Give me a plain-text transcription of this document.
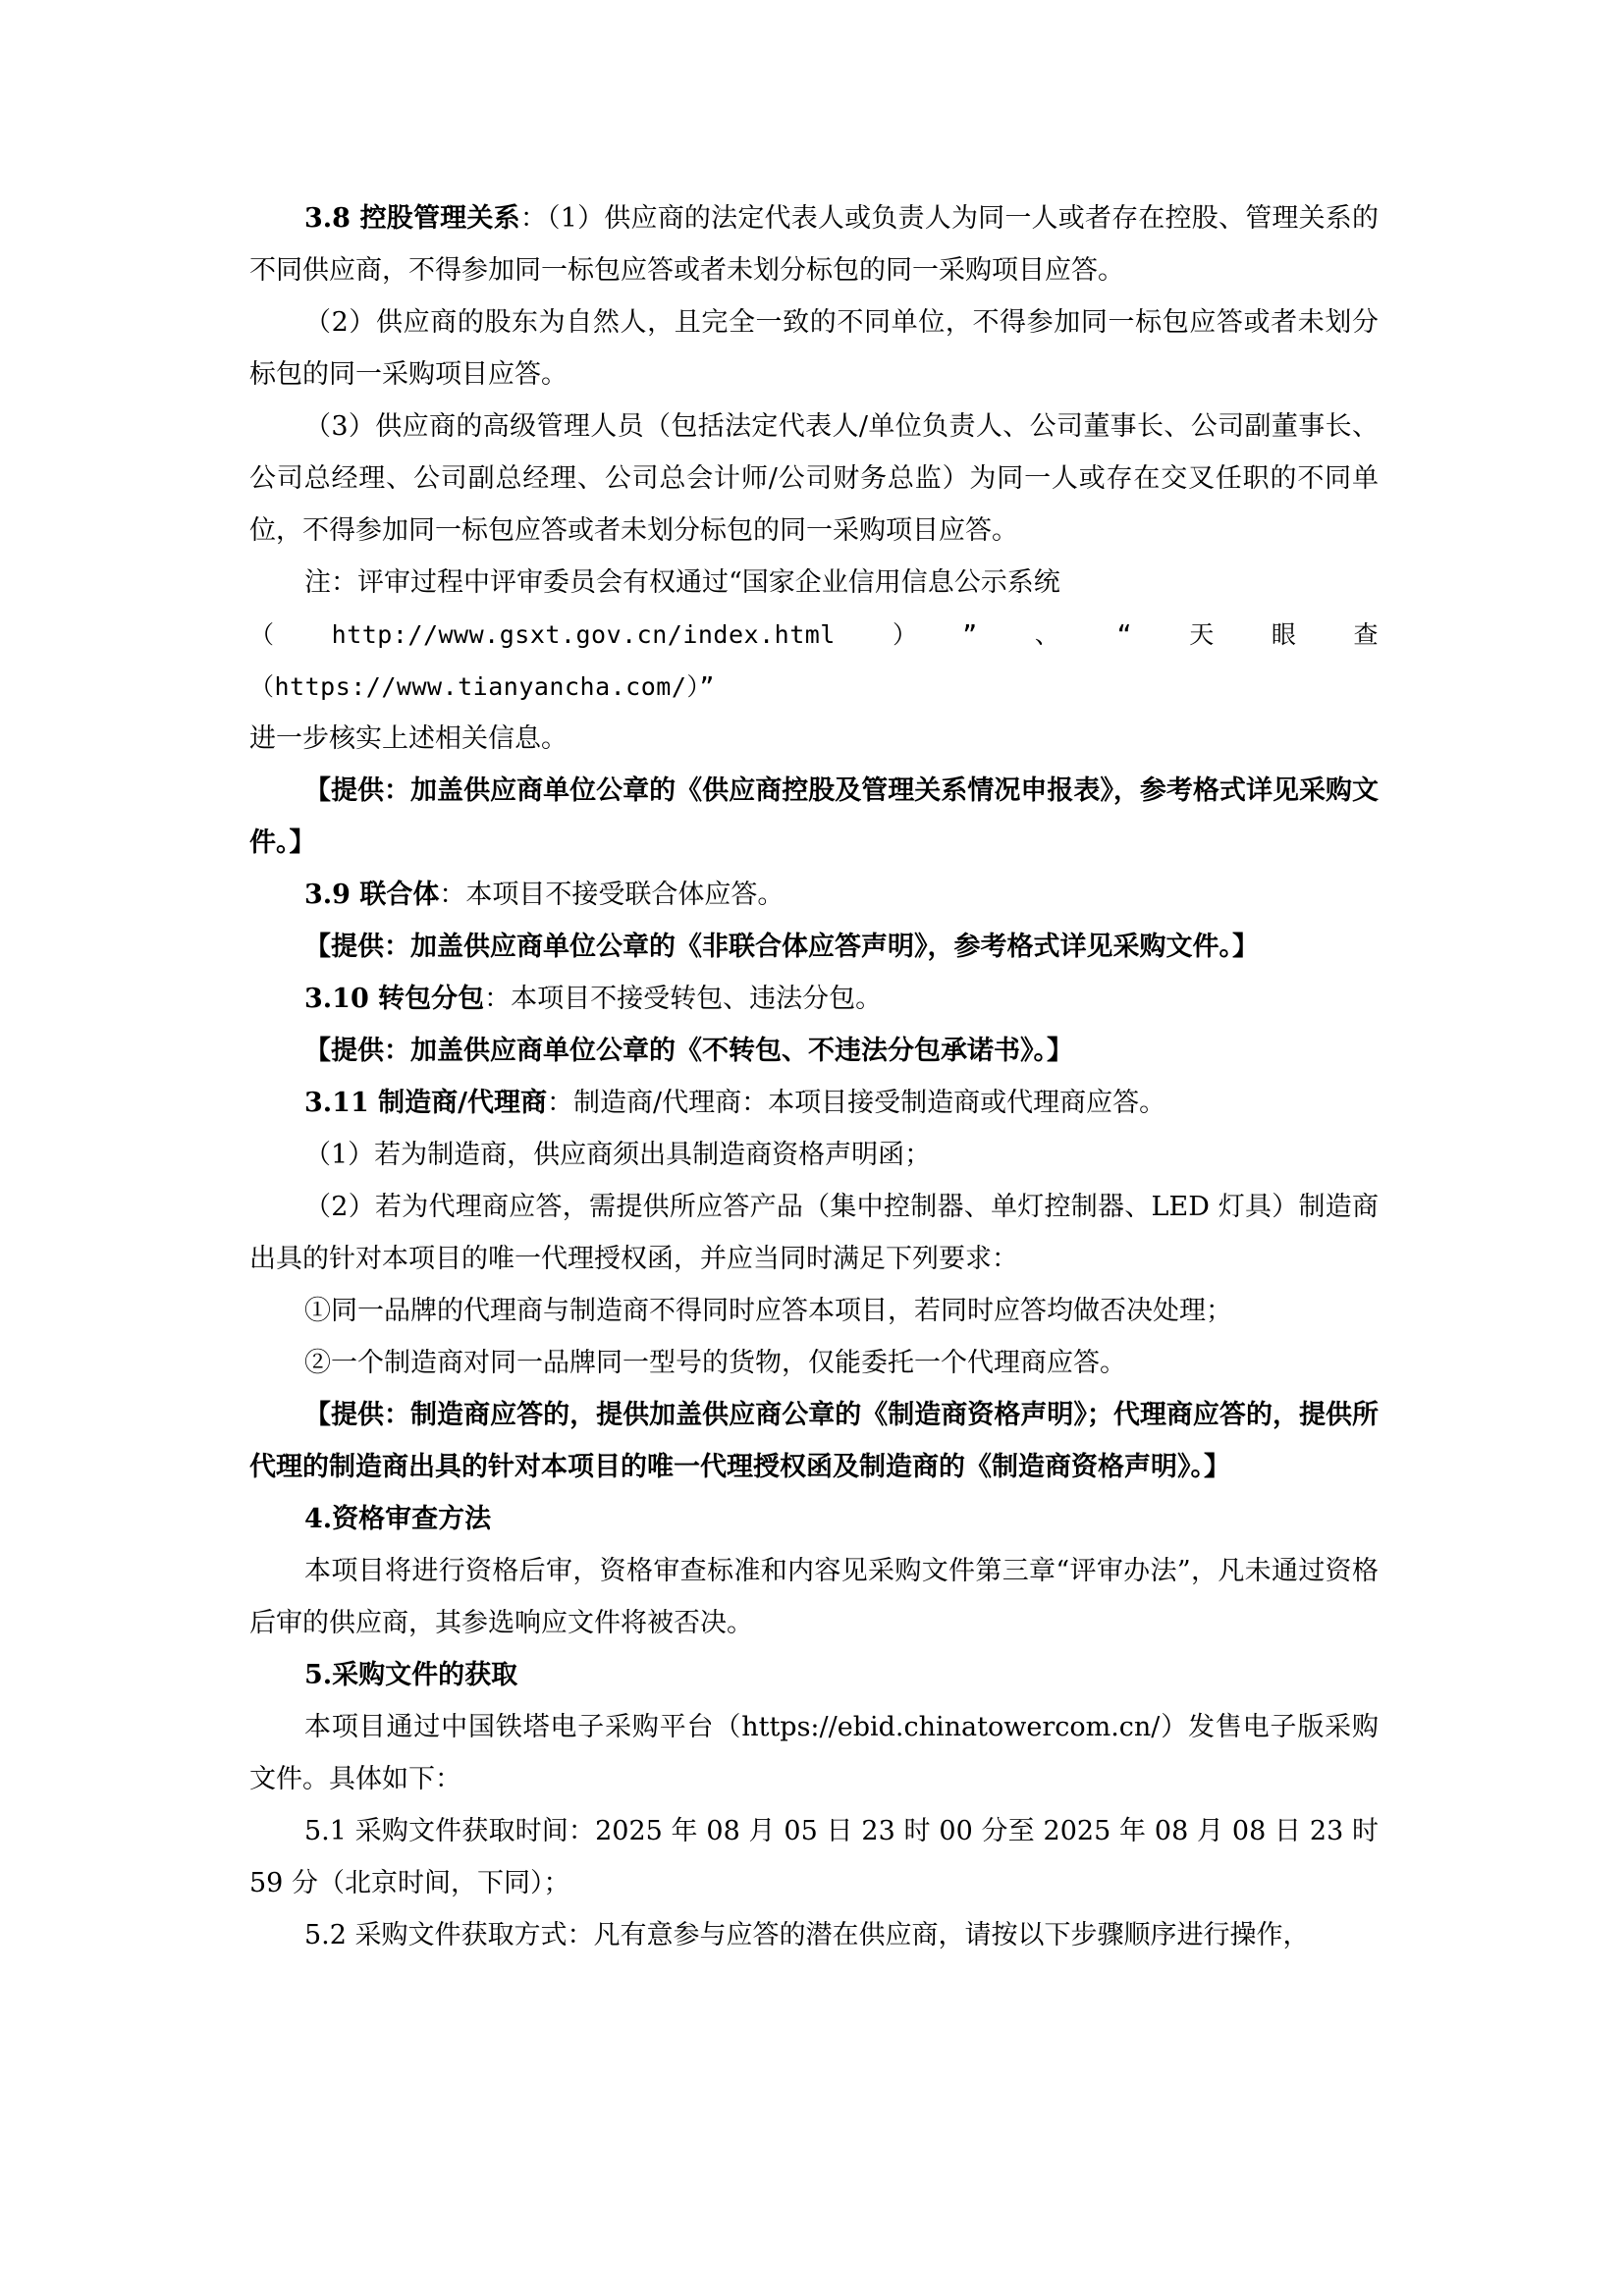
3.8 控股管理关系：（1）供应商的法定代表人或负责人为同一人或者存在控股、管理关系的不同供应商，不得参加同一标包应答或者未划分标包的同一采购项目应答。

（2）供应商的股东为自然人，且完全一致的不同单位，不得参加同一标包应答或者未划分标包的同一采购项目应答。

（3）供应商的高级管理人员（包括法定代表人/单位负责人、公司董事长、公司副董事长、公司总经理、公司副总经理、公司总会计师/公司财务总监）为同一人或存在交叉任职的不同单位，不得参加同一标包应答或者未划分标包的同一采购项目应答。

注：评审过程中评审委员会有权通过“国家企业信用信息公示系统

（http://www.gsxt.gov.cn/index.html）”、“天眼查（https://www.tianyancha.com/）”

进一步核实上述相关信息。

【提供：加盖供应商单位公章的《供应商控股及管理关系情况申报表》，参考格式详见采购文件。】

3.9 联合体：本项目不接受联合体应答。

【提供：加盖供应商单位公章的《非联合体应答声明》，参考格式详见采购文件。】

3.10 转包分包：本项目不接受转包、违法分包。

【提供：加盖供应商单位公章的《不转包、不违法分包承诺书》。】

3.11 制造商/代理商：制造商/代理商：本项目接受制造商或代理商应答。

（1）若为制造商，供应商须出具制造商资格声明函；

（2）若为代理商应答，需提供所应答产品（集中控制器、单灯控制器、LED 灯具）制造商出具的针对本项目的唯一代理授权函，并应当同时满足下列要求：

①同一品牌的代理商与制造商不得同时应答本项目，若同时应答均做否决处理；

②一个制造商对同一品牌同一型号的货物，仅能委托一个代理商应答。

【提供：制造商应答的，提供加盖供应商公章的《制造商资格声明》；代理商应答的，提供所代理的制造商出具的针对本项目的唯一代理授权函及制造商的《制造商资格声明》。】

4.资格审查方法

本项目将进行资格后审，资格审查标准和内容见采购文件第三章“评审办法”，凡未通过资格后审的供应商，其参选响应文件将被否决。

5.采购文件的获取

本项目通过中国铁塔电子采购平台（https://ebid.chinatowercom.cn/）发售电子版采购文件。具体如下：

5.1 采购文件获取时间：2025 年 08 月 05 日 23 时 00 分至 2025 年 08 月 08 日 23 时 59 分（北京时间，下同）；

5.2 采购文件获取方式：凡有意参与应答的潜在供应商，请按以下步骤顺序进行操作，
